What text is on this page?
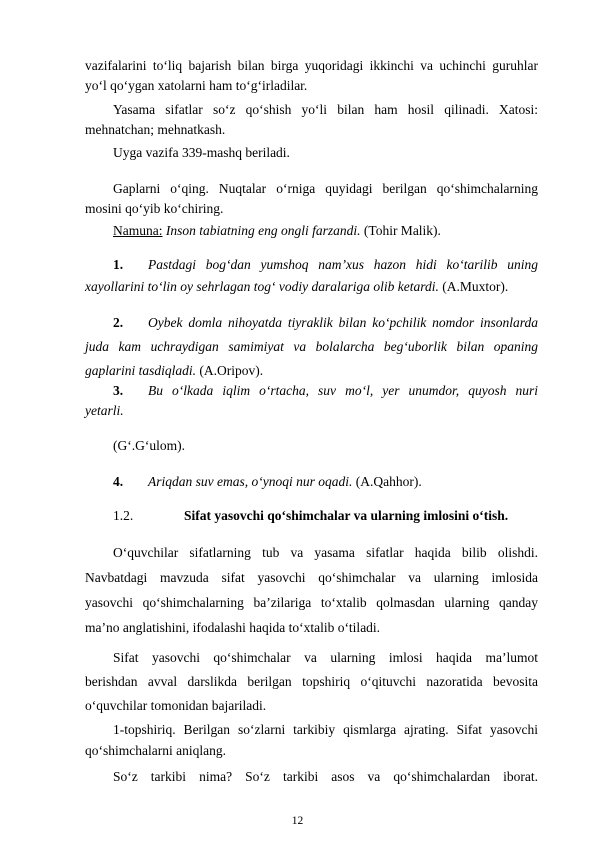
vazifalarini to‘liq bajarish bilan birga yuqoridagi ikkinchi va uchinchi guruhlar
yo‘l qo‘ygan xatolarni ham to‘g‘irladilar.
Yasama sifatlar so‘z qo‘shish yo‘li bilan ham hosil qilinadi. Xatosi:
mehnatchan; mehnatkash.
Uyga vazifa 339-mashq beriladi.
Gaplarni o‘qing. Nuqtalar o‘rniga quyidagi berilgan qo‘shimchalarning
mosini qo‘yib ko‘chiring.
Namuna: Inson tabiatning eng ongli farzandi. (Tohir Malik).
1.	Pastdagi bog‘dan yumshoq nam’xus hazon hidi ko‘tarilib uning
xayollarini to‘lin oy sehrlagan tog‘ vodiy daralariga olib ketardi. (A.Muxtor).
2.	Oybek domla nihoyatda tiyraklik bilan ko‘pchilik nomdor insonlarda
juda kam uchraydigan samimiyat va bolalarcha beg‘uborlik bilan opaning
gaplarini tasdiqladi. (A.Oripov).
3.	Bu o‘lkada iqlim o‘rtacha, suv mo‘l, yer unumdor, quyosh nuri
yetarli.
(G‘.G‘ulom).
4.	Ariqdan suv emas, o‘ynoqi nur oqadi. (A.Qahhor).
1.2.	Sifat yasovchi qo‘shimchalar va ularning imlosini o‘tish.
O‘quvchilar sifatlarning tub va yasama sifatlar haqida bilib olishdi.
Navbatdagi mavzuda sifat yasovchi qo‘shimchalar va ularning imlosida
yasovchi qo‘shimchalarning ba’zilariga to‘xtalib qolmasdan ularning qanday
ma’no anglatishini, ifodalashi haqida to‘xtalib o‘tiladi.
Sifat yasovchi qo‘shimchalar va ularning imlosi haqida ma’lumot
berishdan avval darslikda berilgan topshiriq o‘qituvchi nazoratida bevosita
o‘quvchilar tomonidan bajariladi.
1-topshiriq. Berilgan so‘zlarni tarkibiy qismlarga ajrating. Sifat yasovchi
qo‘shimchalarni aniqlang.
So‘z tarkibi nima? So‘z tarkibi asos va qo‘shimchalardan iborat.
12
